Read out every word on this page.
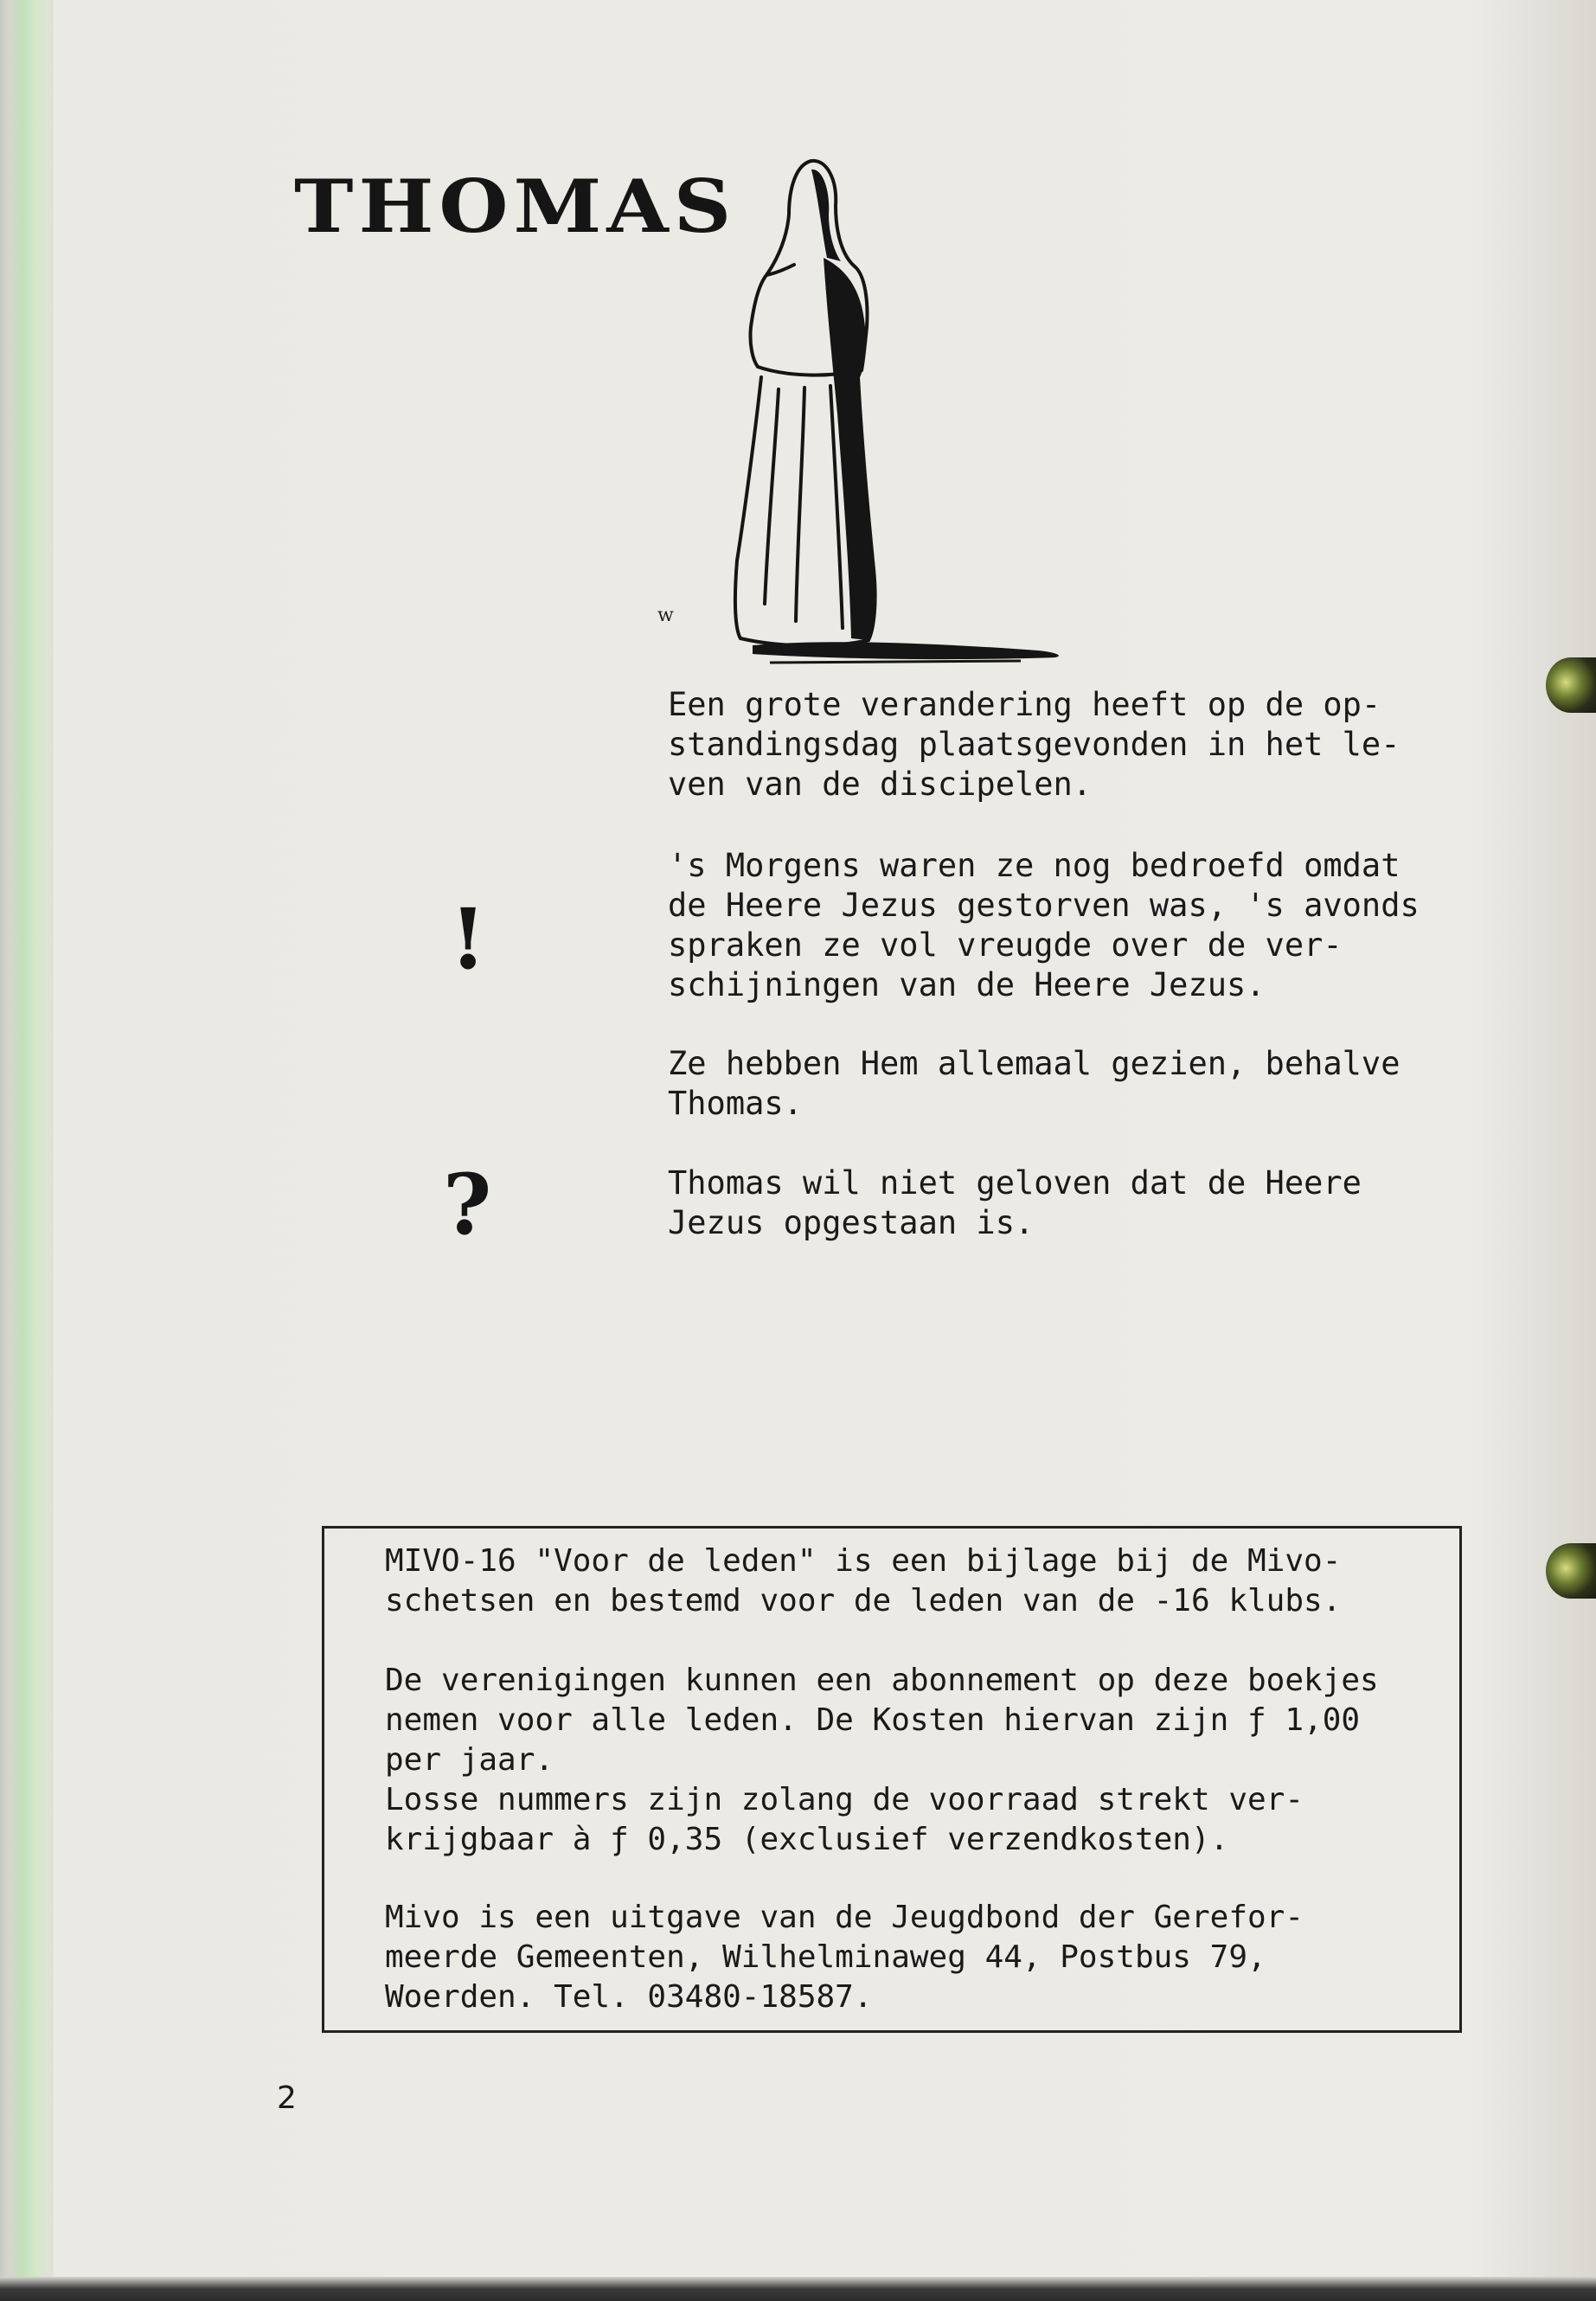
THOMAS
w

Een grote verandering heeft op de op-
standingsdag plaatsgevonden in het le-
ven van de discipelen.

's Morgens waren ze nog bedroefd omdat
de Heere Jezus gestorven was, 's avonds
spraken ze vol vreugde over de ver-
schijningen van de Heere Jezus.

Ze hebben Hem allemaal gezien, behalve
Thomas.

Thomas wil niet geloven dat de Heere
Jezus opgestaan is.

!

?

MIVO-16 "Voor de leden" is een bijlage bij de Mivo-
schetsen en bestemd voor de leden van de -16 klubs.

De verenigingen kunnen een abonnement op deze boekjes
nemen voor alle leden. De Kosten hiervan zijn ƒ 1,00
per jaar.
Losse nummers zijn zolang de voorraad strekt ver-
krijgbaar à ƒ 0,35 (exclusief verzendkosten).

Mivo is een uitgave van de Jeugdbond der Gerefor-
meerde Gemeenten, Wilhelminaweg 44, Postbus 79,
Woerden. Tel. 03480-18587.

2
